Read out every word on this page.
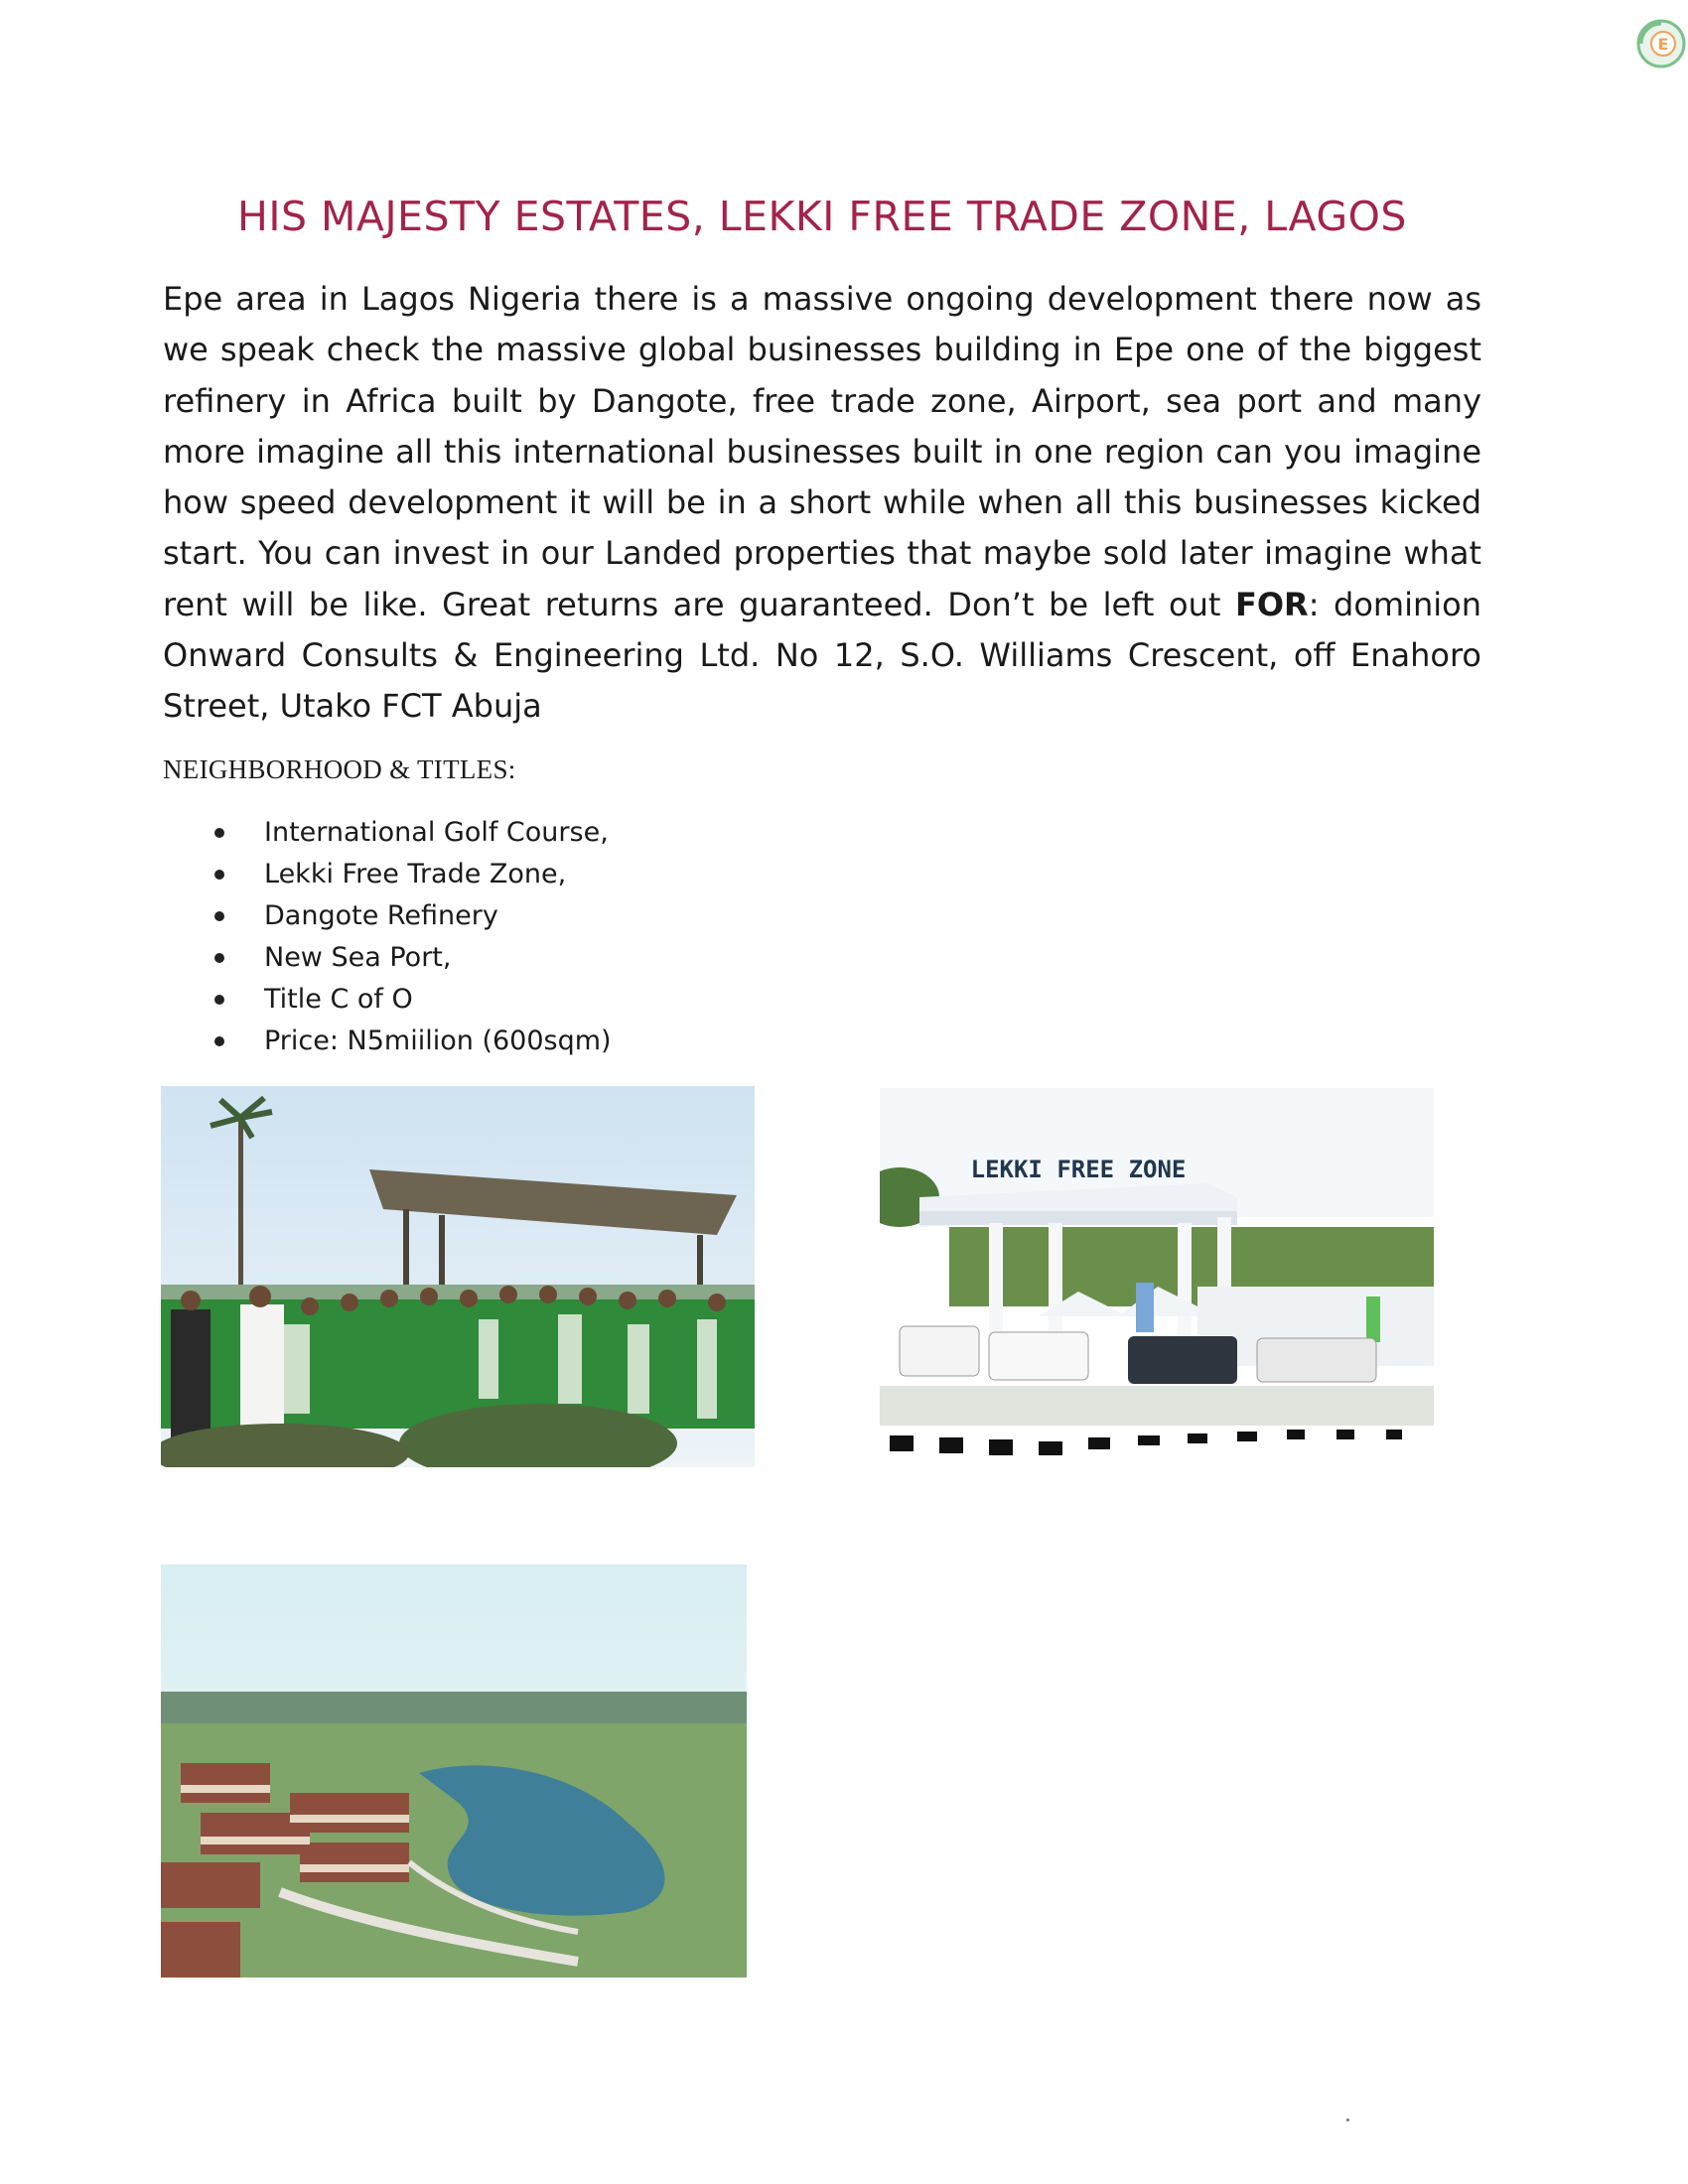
E
HIS MAJESTY ESTATES, LEKKI FREE TRADE ZONE, LAGOS
Epe area in Lagos Nigeria there is a massive ongoing development there now as we speak check the massive global businesses building in Epe one of the biggest refinery in Africa built by Dangote, free trade zone, Airport, sea port and many more imagine all this international businesses built in one region can you imagine how speed development it will be in a short while when all this businesses kicked start. You can invest in our Landed properties that maybe sold later imagine what rent will be like. Great returns are guaranteed. Don’t be left out FOR: dominion Onward Consults & Engineering Ltd. No 12, S.O. Williams Crescent, off Enahoro Street, Utako FCT Abuja
NEIGHBORHOOD & TITLES:
International Golf Course,
Lekki Free Trade Zone,
Dangote Refinery
New Sea Port,
Title C of O
Price: N5miilion (600sqm)
LEKKI FREE ZONE
